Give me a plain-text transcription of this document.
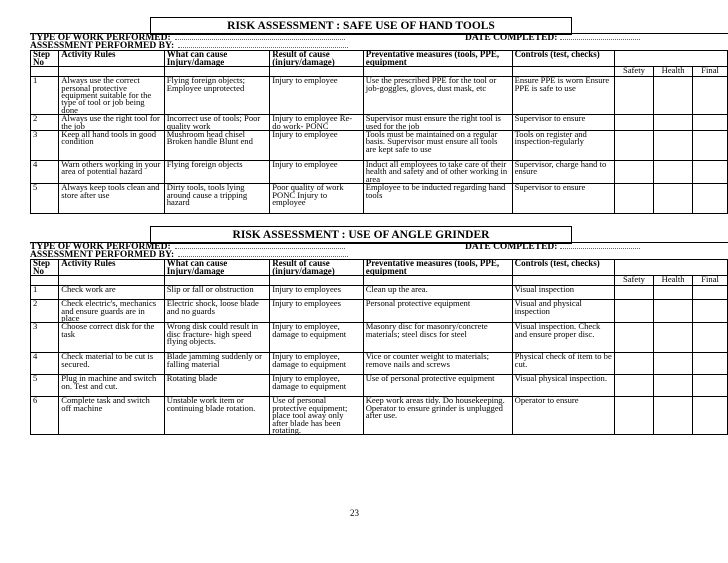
RISK ASSESSMENT : SAFE USE OF HAND TOOLS
TYPE OF WORK PERFORMED:	DATE COMPLETED:
ASSESSMENT PERFORMED BY:
Step No	Activity Rules	What can cause Injury/damage	Result of cause (injury/damage)	Preventative measures (tools, PPE, equipment	Controls (test, checks)			
						Safety	Health	Final
1	Always use the correct personal protective equipment suitable for the type of tool or job being done	Flying foreign objects; Employee unprotected	Injury to employee	Use the prescribed PPE for the tool or job-goggles, gloves, dust mask, etc	Ensure PPE is worn Ensure PPE is safe to use			
2	Always use the right tool for the job	Incorrect use of tools; Poor quality work	Injury to employee Re-do work- PONC	Supervisor must ensure the right tool is used for the job	Supervisor to ensure			
3	Keep all hand tools in good condition	Mushroom head chisel Broken handle Blunt end	Injury to employee	Tools must be maintained on a regular basis. Supervisor must ensure all tools are kept safe to use	Tools on register and inspection-regularly			
4	Warn others working in your area of potential hazard	Flying foreign objects	Injury to employee	Induct all employees to take care of their health and safety and of other working in area	Supervisor, charge hand to ensure			
5	Always keep tools clean and store after use	Dirty tools, tools lying around cause a tripping hazard	Poor quality of work PONC Injury to employee	Employee to be inducted regarding hand tools	Supervisor to ensure			
RISK ASSESSMENT : USE OF ANGLE GRINDER
TYPE OF WORK PERFORMED:	DATE COMPLETED:
ASSESSMENT PERFORMED BY:
Step No	Activity Rules	What can cause Injury/damage	Result of cause (injury/damage)	Preventative measures (tools, PPE, equipment	Controls (test, checks)			
						Safety	Health	Final
1	Check work are	Slip or fall or obstruction	Injury to employees	Clean up the area.	Visual inspection			
2	Check electric's, mechanics and ensure guards are in place	Electric shock, loose blade and no guards	Injury to employees	Personal protective equipment	Visual and physical inspection			
3	Choose correct disk for the task	Wrong disk could result in disc fracture- high speed flying objects.	Injury to employee, damage to equipment	Masonry disc for masonry/concrete materials; steel discs for steel	Visual inspection. Check and ensure proper disc.			
4	Check material to be cut is secured.	Blade jamming suddenly or falling material	Injury to employee, damage to equipment	Vice or counter weight to materials; remove nails and screws	Physical check of item to be cut.			
5	Plug in machine and switch on. Test and cut.	Rotating blade	Injury to employee, damage to equipment	Use of personal protective equipment	Visual physical inspection.			
6	Complete task and switch off machine	Unstable work item or continuing blade rotation.	Use of personal protective equipment; place tool away only after blade has been rotating.	Keep work areas tidy. Do housekeeping. Operator to ensure grinder is unplugged after use.	Operator to ensure			
23
